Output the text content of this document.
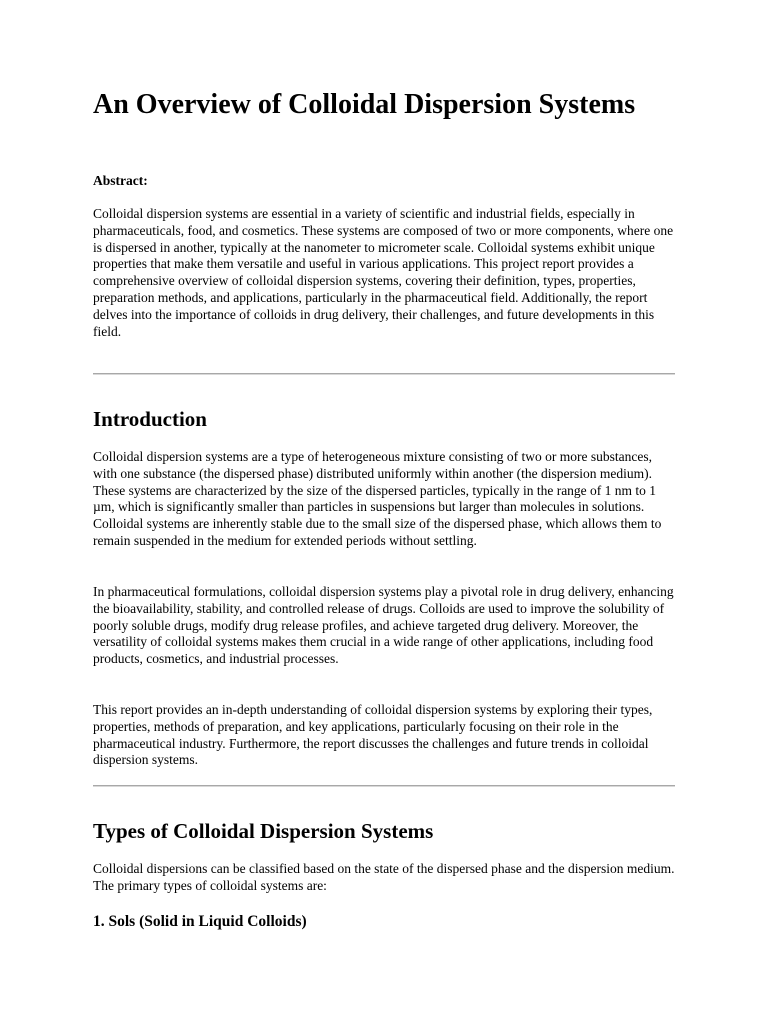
An Overview of Colloidal Dispersion Systems
Abstract:

Colloidal dispersion systems are essential in a variety of scientific and industrial fields, especially in pharmaceuticals, food, and cosmetics. These systems are composed of two or more components, where one is dispersed in another, typically at the nanometer to micrometer scale. Colloidal systems exhibit unique properties that make them versatile and useful in various applications. This project report provides a comprehensive overview of colloidal dispersion systems, covering their definition, types, properties, preparation methods, and applications, particularly in the pharmaceutical field. Additionally, the report delves into the importance of colloids in drug delivery, their challenges, and future developments in this field.

Introduction

Colloidal dispersion systems are a type of heterogeneous mixture consisting of two or more substances, with one substance (the dispersed phase) distributed uniformly within another (the dispersion medium). These systems are characterized by the size of the dispersed particles, typically in the range of 1 nm to 1 µm, which is significantly smaller than particles in suspensions but larger than molecules in solutions. Colloidal systems are inherently stable due to the small size of the dispersed phase, which allows them to remain suspended in the medium for extended periods without settling.

In pharmaceutical formulations, colloidal dispersion systems play a pivotal role in drug delivery, enhancing the bioavailability, stability, and controlled release of drugs. Colloids are used to improve the solubility of poorly soluble drugs, modify drug release profiles, and achieve targeted drug delivery. Moreover, the versatility of colloidal systems makes them crucial in a wide range of other applications, including food products, cosmetics, and industrial processes.

This report provides an in-depth understanding of colloidal dispersion systems by exploring their types, properties, methods of preparation, and key applications, particularly focusing on their role in the pharmaceutical industry. Furthermore, the report discusses the challenges and future trends in colloidal dispersion systems.

Types of Colloidal Dispersion Systems

Colloidal dispersions can be classified based on the state of the dispersed phase and the dispersion medium. The primary types of colloidal systems are:

1. Sols (Solid in Liquid Colloids)
